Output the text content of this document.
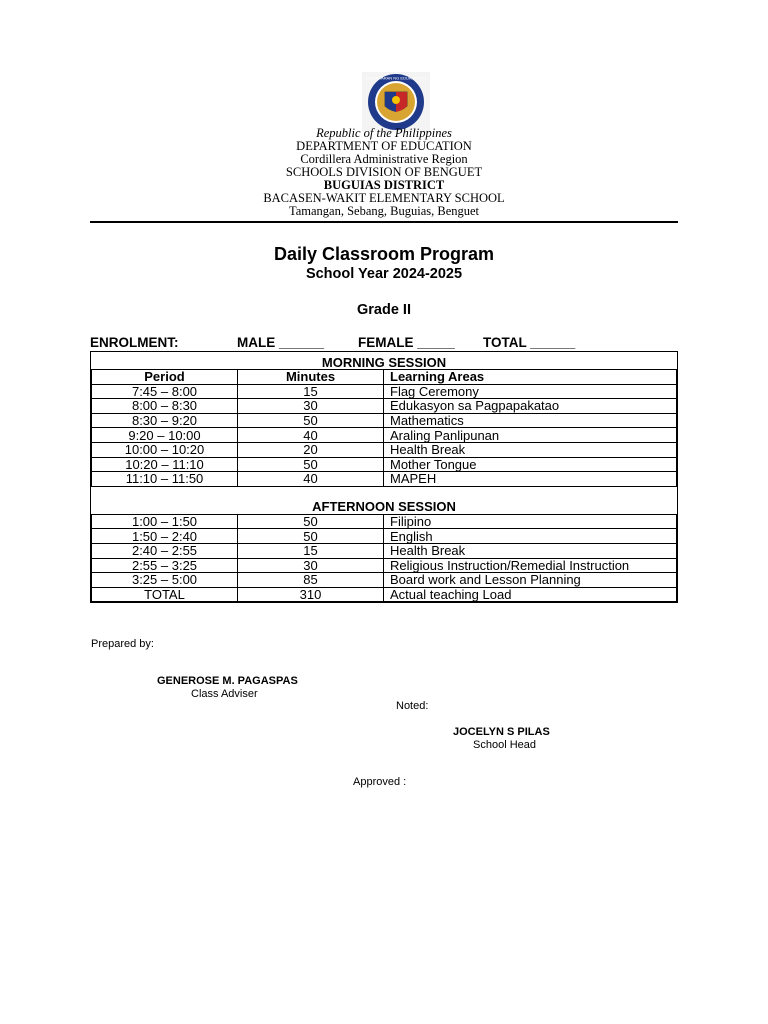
KAGAWARAN NG EDUKASYON
Republic of the Philippines
DEPARTMENT OF EDUCATION
Cordillera Administrative Region
SCHOOLS DIVISION OF BENGUET
BUGUIAS DISTRICT
BACASEN-WAKIT ELEMENTARY SCHOOL
Tamangan, Sebang, Buguias, Benguet
Daily Classroom Program
School Year 2024-2025
Grade II
ENROLMENT:	MALE ______	FEMALE _____ TOTAL ______
MORNING SESSION		
Period	Minutes	Learning Areas
7:45 – 8:00	15	Flag Ceremony
8:00 – 8:30	30	Edukasyon sa Pagpapakatao
8:30 – 9:20	50	Mathematics
9:20 – 10:00	40	Araling Panlipunan
10:00 – 10:20	20	Health Break
10:20 – 11:10	50	Mother Tongue
11:10 – 11:50	40	MAPEH
AFTERNOON SESSION		
1:00 – 1:50	50	Filipino
1:50 – 2:40	50	English
2:40 – 2:55	15	Health Break
2:55 – 3:25	30	Religious Instruction/Remedial Instruction
3:25 – 5:00	85	Board work and Lesson Planning
TOTAL	310	Actual teaching Load
Prepared by:
GENEROSE M. PAGASPAS
Class Adviser
Noted:
JOCELYN S PILAS
School Head
Approved :
